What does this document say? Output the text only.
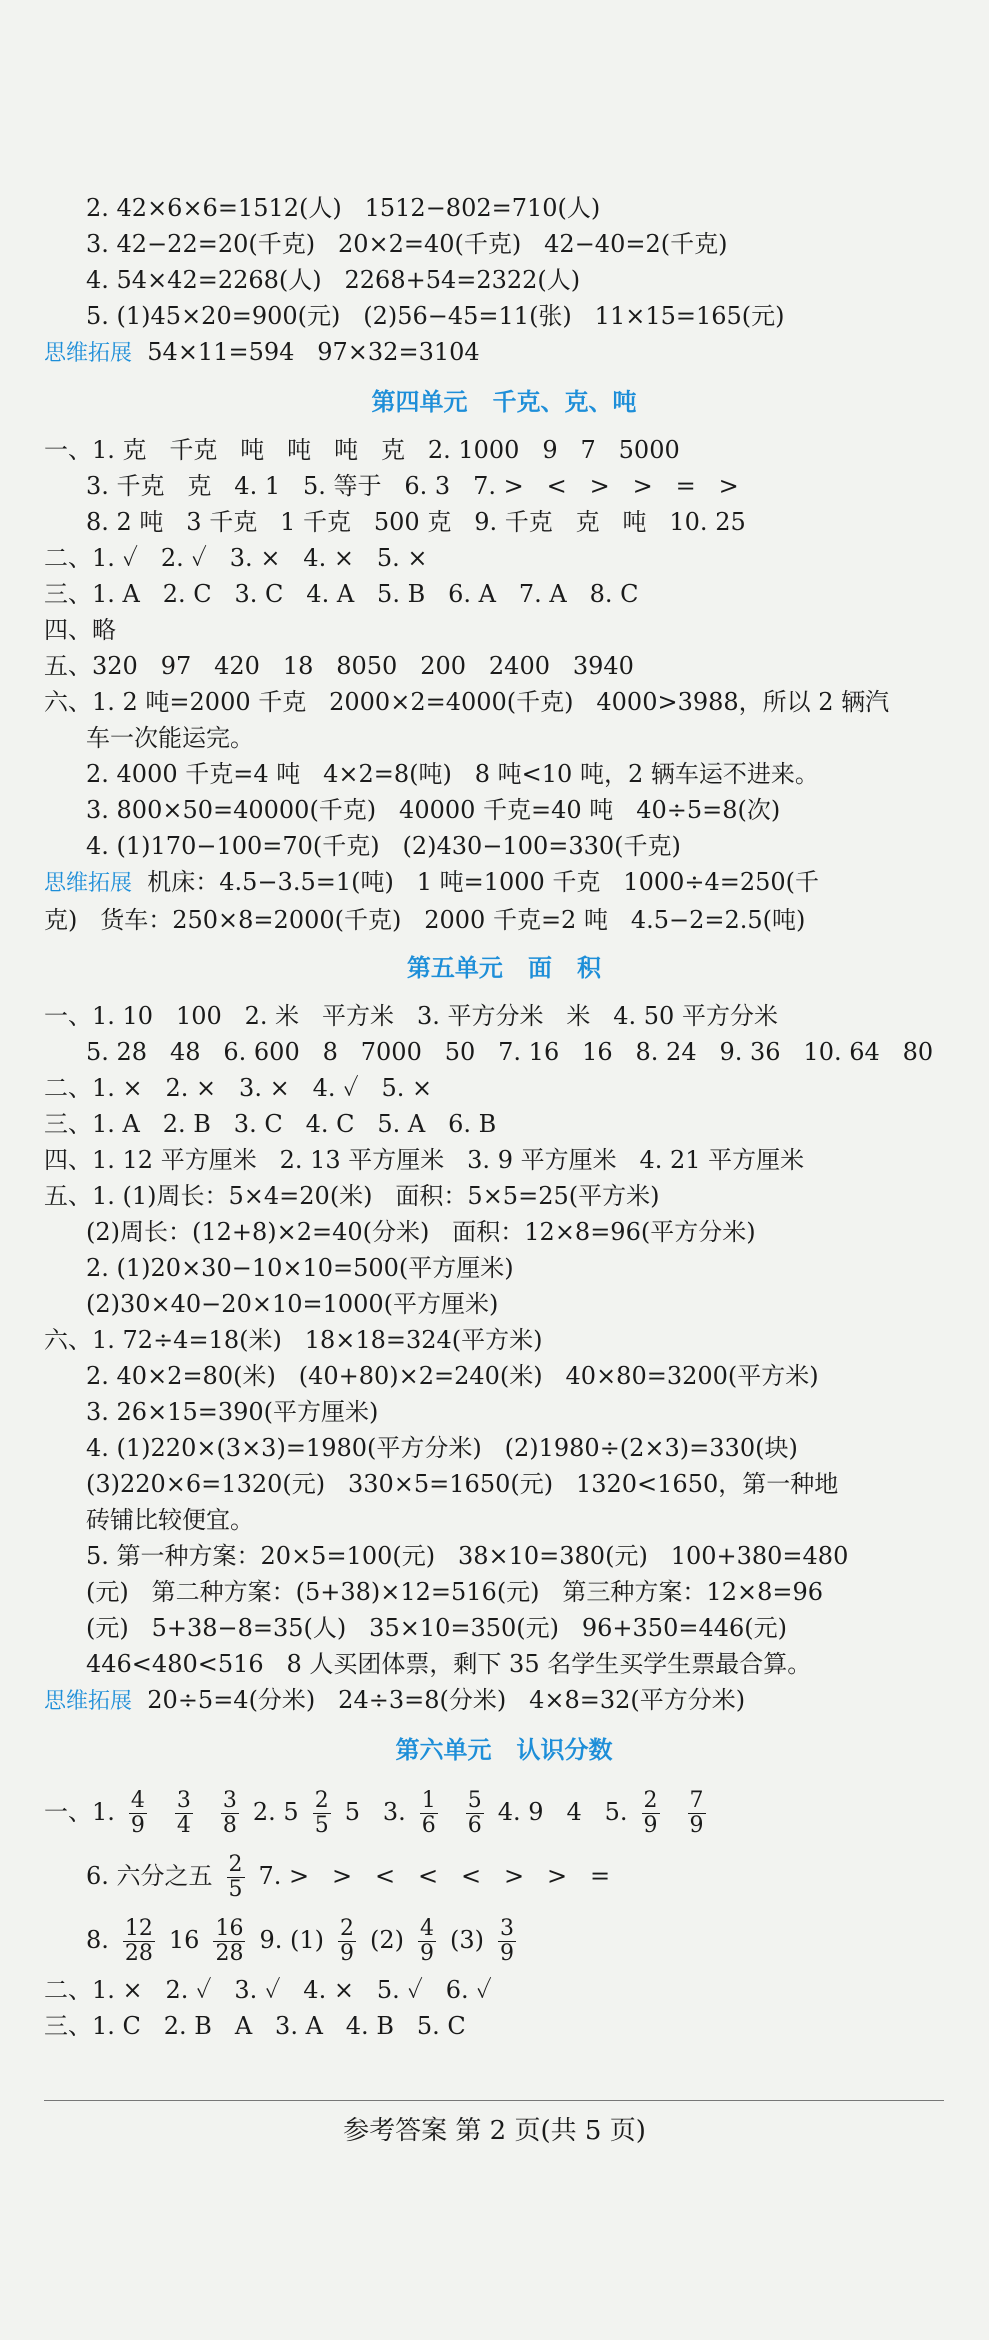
2. 42×6×6=1512(人)   1512−802=710(人)

3. 42−22=20(千克)   20×2=40(千克)   42−40=2(千克)

4. 54×42=2268(人)   2268+54=2322(人)

5. (1)45×20=900(元)   (2)56−45=11(张)   11×15=165(元)

思维拓展  54×11=594   97×32=3104

第四单元   千克、克、吨

一、1. 克   千克   吨   吨   吨   克   2. 1000   9   7   5000

3. 千克   克   4. 1   5. 等于   6. 3   7. >   <   >   >   =   >

8. 2 吨   3 千克   1 千克   500 克   9. 千克   克   吨   10. 25

二、1. ✓   2. ✓   3. ×   4. ×   5. ×

三、1. A   2. C   3. C   4. A   5. B   6. A   7. A   8. C

四、略

五、320   97   420   18   8050   200   2400   3940

六、1. 2 吨=2000 千克   2000×2=4000(千克)   4000>3988，所以 2 辆汽

车一次能运完。

2. 4000 千克=4 吨   4×2=8(吨)   8 吨<10 吨，2 辆车运不进来。

3. 800×50=40000(千克)   40000 千克=40 吨   40÷5=8(次)

4. (1)170−100=70(千克)   (2)430−100=330(千克)

思维拓展  机床：4.5−3.5=1(吨)   1 吨=1000 千克   1000÷4=250(千

克)   货车：250×8=2000(千克)   2000 千克=2 吨   4.5−2=2.5(吨)

第五单元   面   积

一、1. 10   100   2. 米   平方米   3. 平方分米   米   4. 50 平方分米

5. 28   48   6. 600   8   7000   50   7. 16   16   8. 24   9. 36   10. 64   80

二、1. ×   2. ×   3. ×   4. ✓   5. ×

三、1. A   2. B   3. C   4. C   5. A   6. B

四、1. 12 平方厘米   2. 13 平方厘米   3. 9 平方厘米   4. 21 平方厘米

五、1. (1)周长：5×4=20(米)   面积：5×5=25(平方米)

(2)周长：(12+8)×2=40(分米)   面积：12×8=96(平方分米)

2. (1)20×30−10×10=500(平方厘米)

(2)30×40−20×10=1000(平方厘米)

六、1. 72÷4=18(米)   18×18=324(平方米)

2. 40×2=80(米)   (40+80)×2=240(米)   40×80=3200(平方米)

3. 26×15=390(平方厘米)

4. (1)220×(3×3)=1980(平方分米)   (2)1980÷(2×3)=330(块)

(3)220×6=1320(元)   330×5=1650(元)   1320<1650，第一种地

砖铺比较便宜。

5. 第一种方案：20×5=100(元)   38×10=380(元)   100+380=480

(元)   第二种方案：(5+38)×12=516(元)   第三种方案：12×8=96

(元)   5+38−8=35(人)   35×10=350(元)   96+350=446(元)

446<480<516   8 人买团体票，剩下 35 名学生买学生票最合算。

思维拓展  20÷5=4(分米)   24÷3=8(分米)   4×8=32(平方分米)

第六单元   认识分数
一、1. $\frac{4}{9} \frac{3}{4} \frac{3}{8} 2$. $5 \frac{2}{5} 5$ 3. $\frac{1}{6} \frac{5}{6} 4$. 9   4 5. $\frac{2}{9} \frac{7}{9}$
6. 六分之五 $\frac{2}{5} 7$. >   >   <   <   <   >   >   =
8. $\frac{12}{28} 16 \frac{16}{28} 9$. $(1) \frac{2}{9} (2) \frac{4}{9} (3) \frac{3}{9}$

二、1. ×   2. ✓   3. ✓   4. ×   5. ✓   6. ✓

三、1. C   2. B   A   3. A   4. B   5. C

参考答案 第 2 页(共 5 页)
